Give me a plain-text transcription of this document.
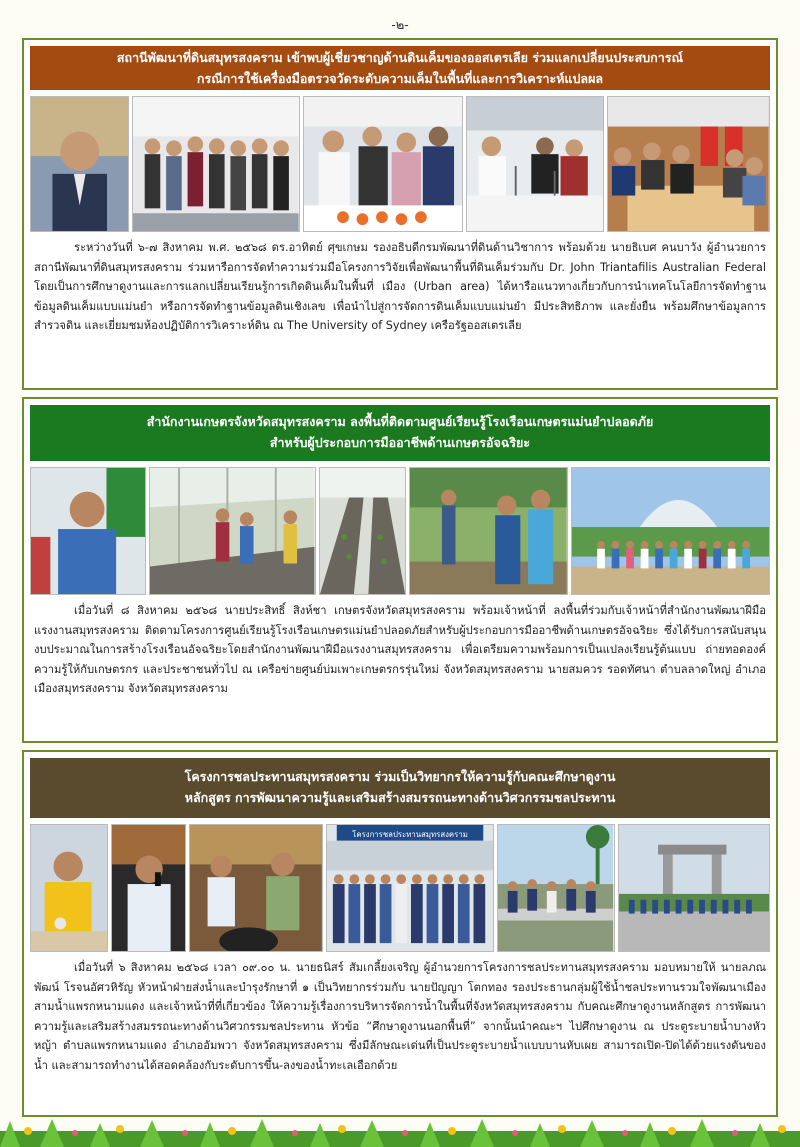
-๒-
สถานีพัฒนาที่ดินสมุทรสงคราม เข้าพบผู้เชี่ยวชาญด้านดินเค็มของออสเตรเลีย ร่วมแลกเปลี่ยนประสบการณ์
กรณีการใช้เครื่องมือตรวจวัดระดับความเค็มในพื้นที่และการวิเคราะห์แปลผล

ระหว่างวันที่ ๖-๗ สิงหาคม พ.ศ. ๒๕๖๘ ดร.อาทิตย์ ศุขเกษม รองอธิบดีกรมพัฒนาที่ดินด้านวิชาการ พร้อมด้วย นายธิเบศ คนบาวัง ผู้อำนวยการสถานีพัฒนาที่ดินสมุทรสงคราม ร่วมหารือการจัดทำความร่วมมือโครงการวิจัยเพื่อพัฒนาพื้นที่ดินเค็มร่วมกับ Dr. John Triantafilis Australian Federal โดยเป็นการศึกษาดูงานและการแลกเปลี่ยนเรียนรู้การเกิดดินเค็มในพื้นที่ เมือง (Urban area) ได้หารือแนวทางเกี่ยวกับการนำเทคโนโลยีการจัดทำฐานข้อมูลดินเค็มแบบแม่นยำ หรือการจัดทำฐานข้อมูลดินเชิงเลข เพื่อนำไปสู่การจัดการดินเค็มแบบแม่นยำ มีประสิทธิภาพ และยั่งยืน พร้อมศึกษาข้อมูลการสำรวจดิน และเยี่ยมชมห้องปฏิบัติการวิเคราะห์ดิน ณ The University of Sydney เครือรัฐออสเตรเลีย

สำนักงานเกษตรจังหวัดสมุทรสงคราม ลงพื้นที่ติดตามศูนย์เรียนรู้โรงเรือนเกษตรแม่นยำปลอดภัย
สำหรับผู้ประกอบการมืออาชีพด้านเกษตรอัจฉริยะ

เมื่อวันที่ ๘ สิงหาคม ๒๕๖๘ นายประสิทธิ์ สิงห์ชา เกษตรจังหวัดสมุทรสงคราม พร้อมเจ้าหน้าที่ ลงพื้นที่ร่วมกับเจ้าหน้าที่สำนักงานพัฒนาฝีมือแรงงานสมุทรสงคราม ติดตามโครงการศูนย์เรียนรู้โรงเรือนเกษตรแม่นยำปลอดภัยสำหรับผู้ประกอบการมืออาชีพด้านเกษตรอัจฉริยะ ซึ่งได้รับการสนับสนุนงบประมาณในการสร้างโรงเรือนอัจฉริยะโดยสำนักงานพัฒนาฝีมือแรงงานสมุทรสงคราม เพื่อเตรียมความพร้อมการเป็นแปลงเรียนรู้ต้นแบบ ถ่ายทอดองค์ความรู้ให้กับเกษตรกร และประชาชนทั่วไป ณ เครือข่ายศูนย์บ่มเพาะเกษตรกรรุ่นใหม่ จังหวัดสมุทรสงคราม นายสมควร รอดทัศนา ตำบลลาดใหญ่ อำเภอเมืองสมุทรสงคราม จังหวัดสมุทรสงคราม

โครงการชลประทานสมุทรสงคราม ร่วมเป็นวิทยากรให้ความรู้กับคณะศึกษาดูงาน
หลักสูตร การพัฒนาความรู้และเสริมสร้างสมรรถนะทางด้านวิศวกรรมชลประทาน
โครงการชลประทานสมุทรสงคราม

เมื่อวันที่ ๖ สิงหาคม ๒๕๖๘ เวลา ๐๙.๐๐ น. นายธนิสร์ สัมเกลี้ยงเจริญ ผู้อำนวยการโครงการชลประทานสมุทรสงคราม มอบหมายให้ นายลภณพัฒน์ โรจนอัศวหิรัญ หัวหน้าฝ่ายส่งน้ำและบำรุงรักษาที่ ๑ เป็นวิทยากรร่วมกับ นายปัญญา โตกทอง รองประธานกลุ่มผู้ใช้น้ำชลประทานรวมใจพัฒนาเมืองสามน้ำแพรกหนามแดง และเจ้าหน้าที่ที่เกี่ยวข้อง ให้ความรู้เรื่องการบริหารจัดการน้ำในพื้นที่จังหวัดสมุทรสงคราม กับคณะศึกษาดูงานหลักสูตร การพัฒนาความรู้และเสริมสร้างสมรรถนะทางด้านวิศวกรรมชลประทาน หัวข้อ “ศึกษาดูงานนอกพื้นที่” จากนั้นนำคณะฯ ไปศึกษาดูงาน ณ ประตูระบายน้ำบางหัวหญ้า ตำบลแพรกหนามแดง อำเภออัมพวา จังหวัดสมุทรสงคราม ซึ่งมีลักษณะเด่นที่เป็นประตูระบายน้ำแบบบานหับเผย สามารถเปิด-ปิดได้ด้วยแรงดันของน้ำ และสามารถทำงานได้สอดคล้องกับระดับการขึ้น-ลงของน้ำทะเลเอือกด้วย
